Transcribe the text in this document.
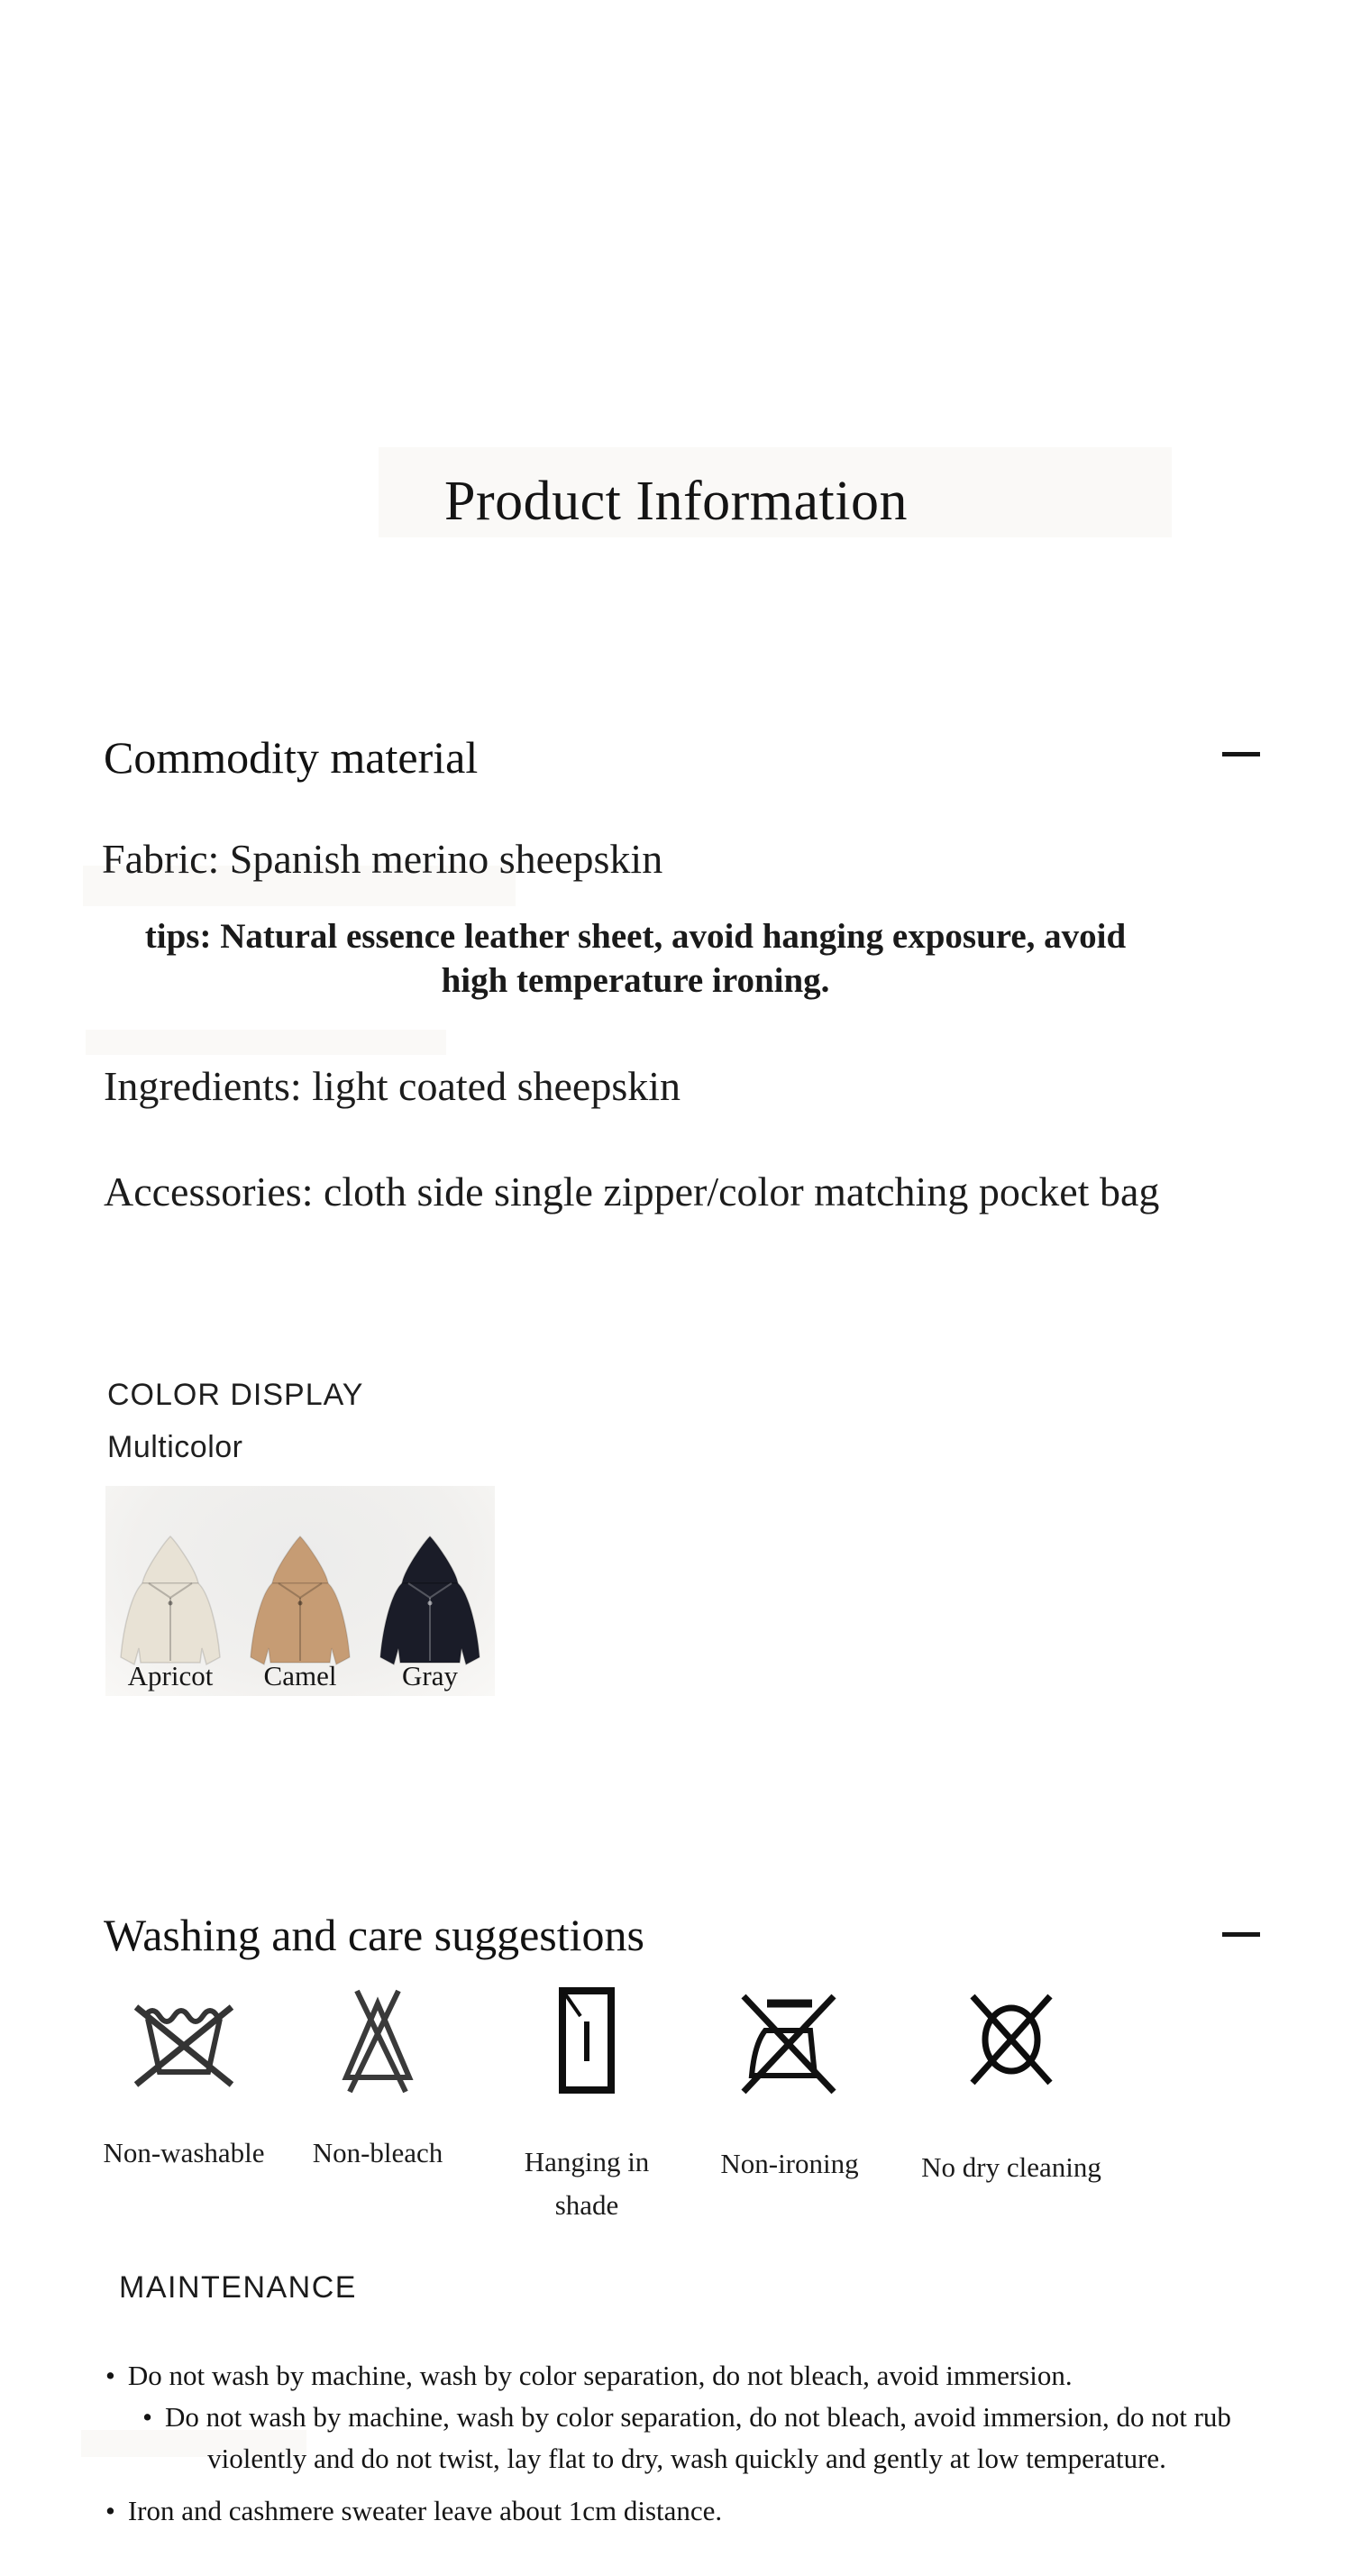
Product Information
Commodity material
Fabric: Spanish merino sheepskin
tips: Natural essence leather sheet, avoid hanging exposure, avoid
high temperature ironing.
Ingredients: light coated sheepskin
Accessories: cloth side single zipper/color matching pocket bag
COLOR DISPLAY
Multicolor
Apricot	Camel	Gray
Washing and care suggestions
Non-washable	Non-bleach	Hanging in shade
Non-ironing	No dry cleaning
MAINTENANCE
• Do not wash by machine, wash by color separation, do not bleach, avoid immersion.
• Do not wash by machine, wash by color separation, do not bleach, avoid immersion, do not rub violently and do not twist, lay flat to dry, wash quickly and gently at low temperature.
• Iron and cashmere sweater leave about 1cm distance.
